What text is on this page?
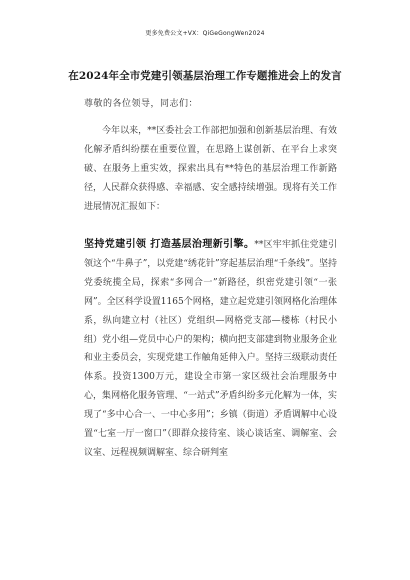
更多免费公文+VX：QiGeGongWen2024
在2024年全市党建引领基层治理工作专题推进会上的发言
尊敬的各位领导，同志们：

今年以来，**区委社会工作部把加强和创新基层治理、有效化解矛盾纠纷摆在重要位置，在思路上谋创新、在平台上求突破、在服务上重实效，探索出具有**特色的基层治理工作新路径，人民群众获得感、幸福感、安全感持续增强。现将有关工作进展情况汇报如下：

坚持党建引领 打造基层治理新引擎。**区牢牢抓住党建引领这个“牛鼻子”，以党建“绣花针”穿起基层治理“千条线”。坚持党委统揽全局，探索“多网合一”新路径，织密党建引领“一张网”。全区科学设置1165个网格，建立起党建引领网格化治理体系，纵向建立村（社区）党组织—网格党支部—楼栋（村民小组）党小组—党员中心户的架构；横向把支部建到物业服务企业和业主委员会，实现党建工作触角延伸入户。坚持三级联动责任体系。投资1300万元，建设全市第一家区级社会治理服务中心，集网格化服务管理、“一站式”矛盾纠纷多元化解为一体，实现了“多中心合一、一中心多用”；乡镇（街道）矛盾调解中心设置“七室一厅一窗口”（即群众接待室、谈心谈话室、调解室、会议室、远程视频调解室、综合研判室
